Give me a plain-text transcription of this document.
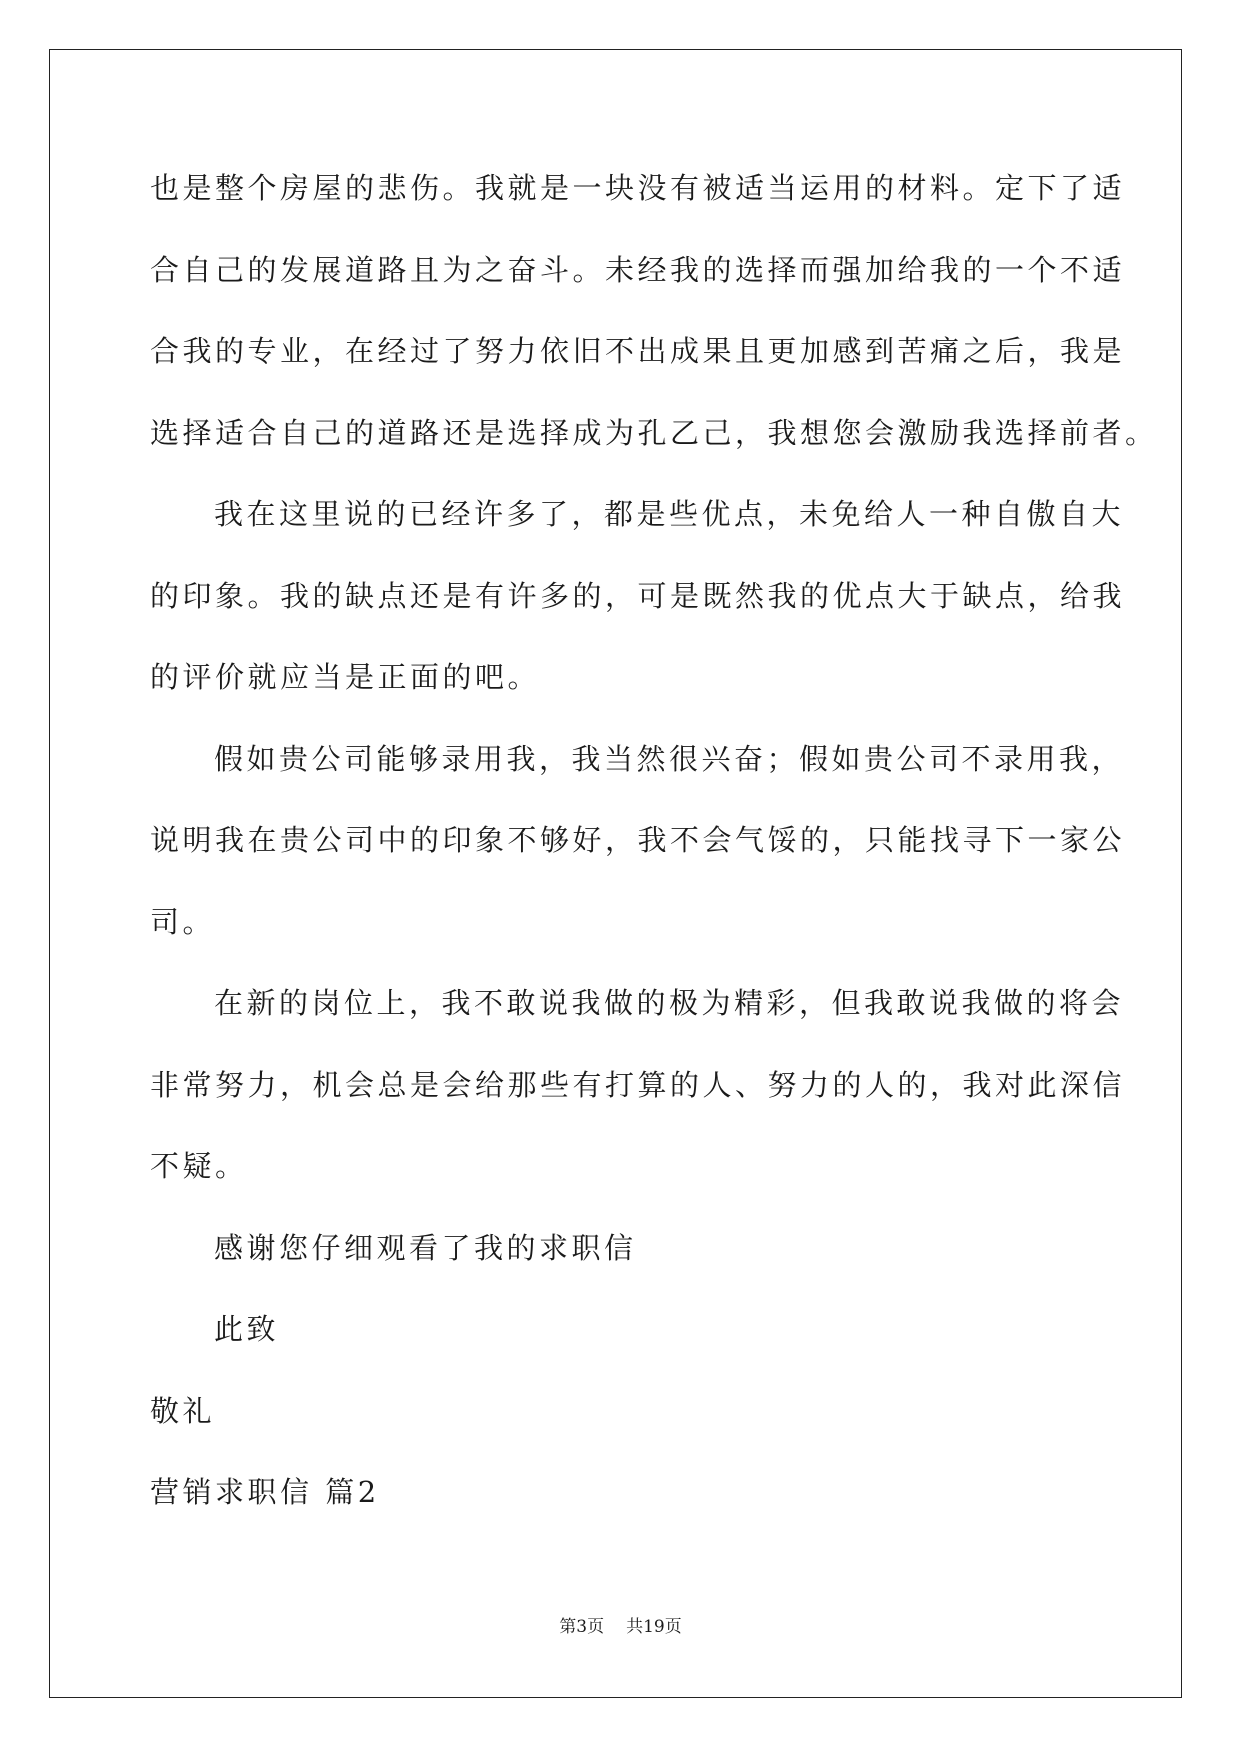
也是整个房屋的悲伤。我就是一块没有被适当运用的材料。定下了适
合自己的发展道路且为之奋斗。未经我的选择而强加给我的一个不适
合我的专业，在经过了努力依旧不出成果且更加感到苦痛之后，我是
选择适合自己的道路还是选择成为孔乙己，我想您会激励我选择前者。
我在这里说的已经许多了，都是些优点，未免给人一种自傲自大
的印象。我的缺点还是有许多的，可是既然我的优点大于缺点，给我
的评价就应当是正面的吧。
假如贵公司能够录用我，我当然很兴奋；假如贵公司不录用我，
说明我在贵公司中的印象不够好，我不会气馁的，只能找寻下一家公
司。
在新的岗位上，我不敢说我做的极为精彩，但我敢说我做的将会
非常努力，机会总是会给那些有打算的人、努力的人的，我对此深信
不疑。
感谢您仔细观看了我的求职信
此致
敬礼
营销求职信 篇2
第3页 共19页
